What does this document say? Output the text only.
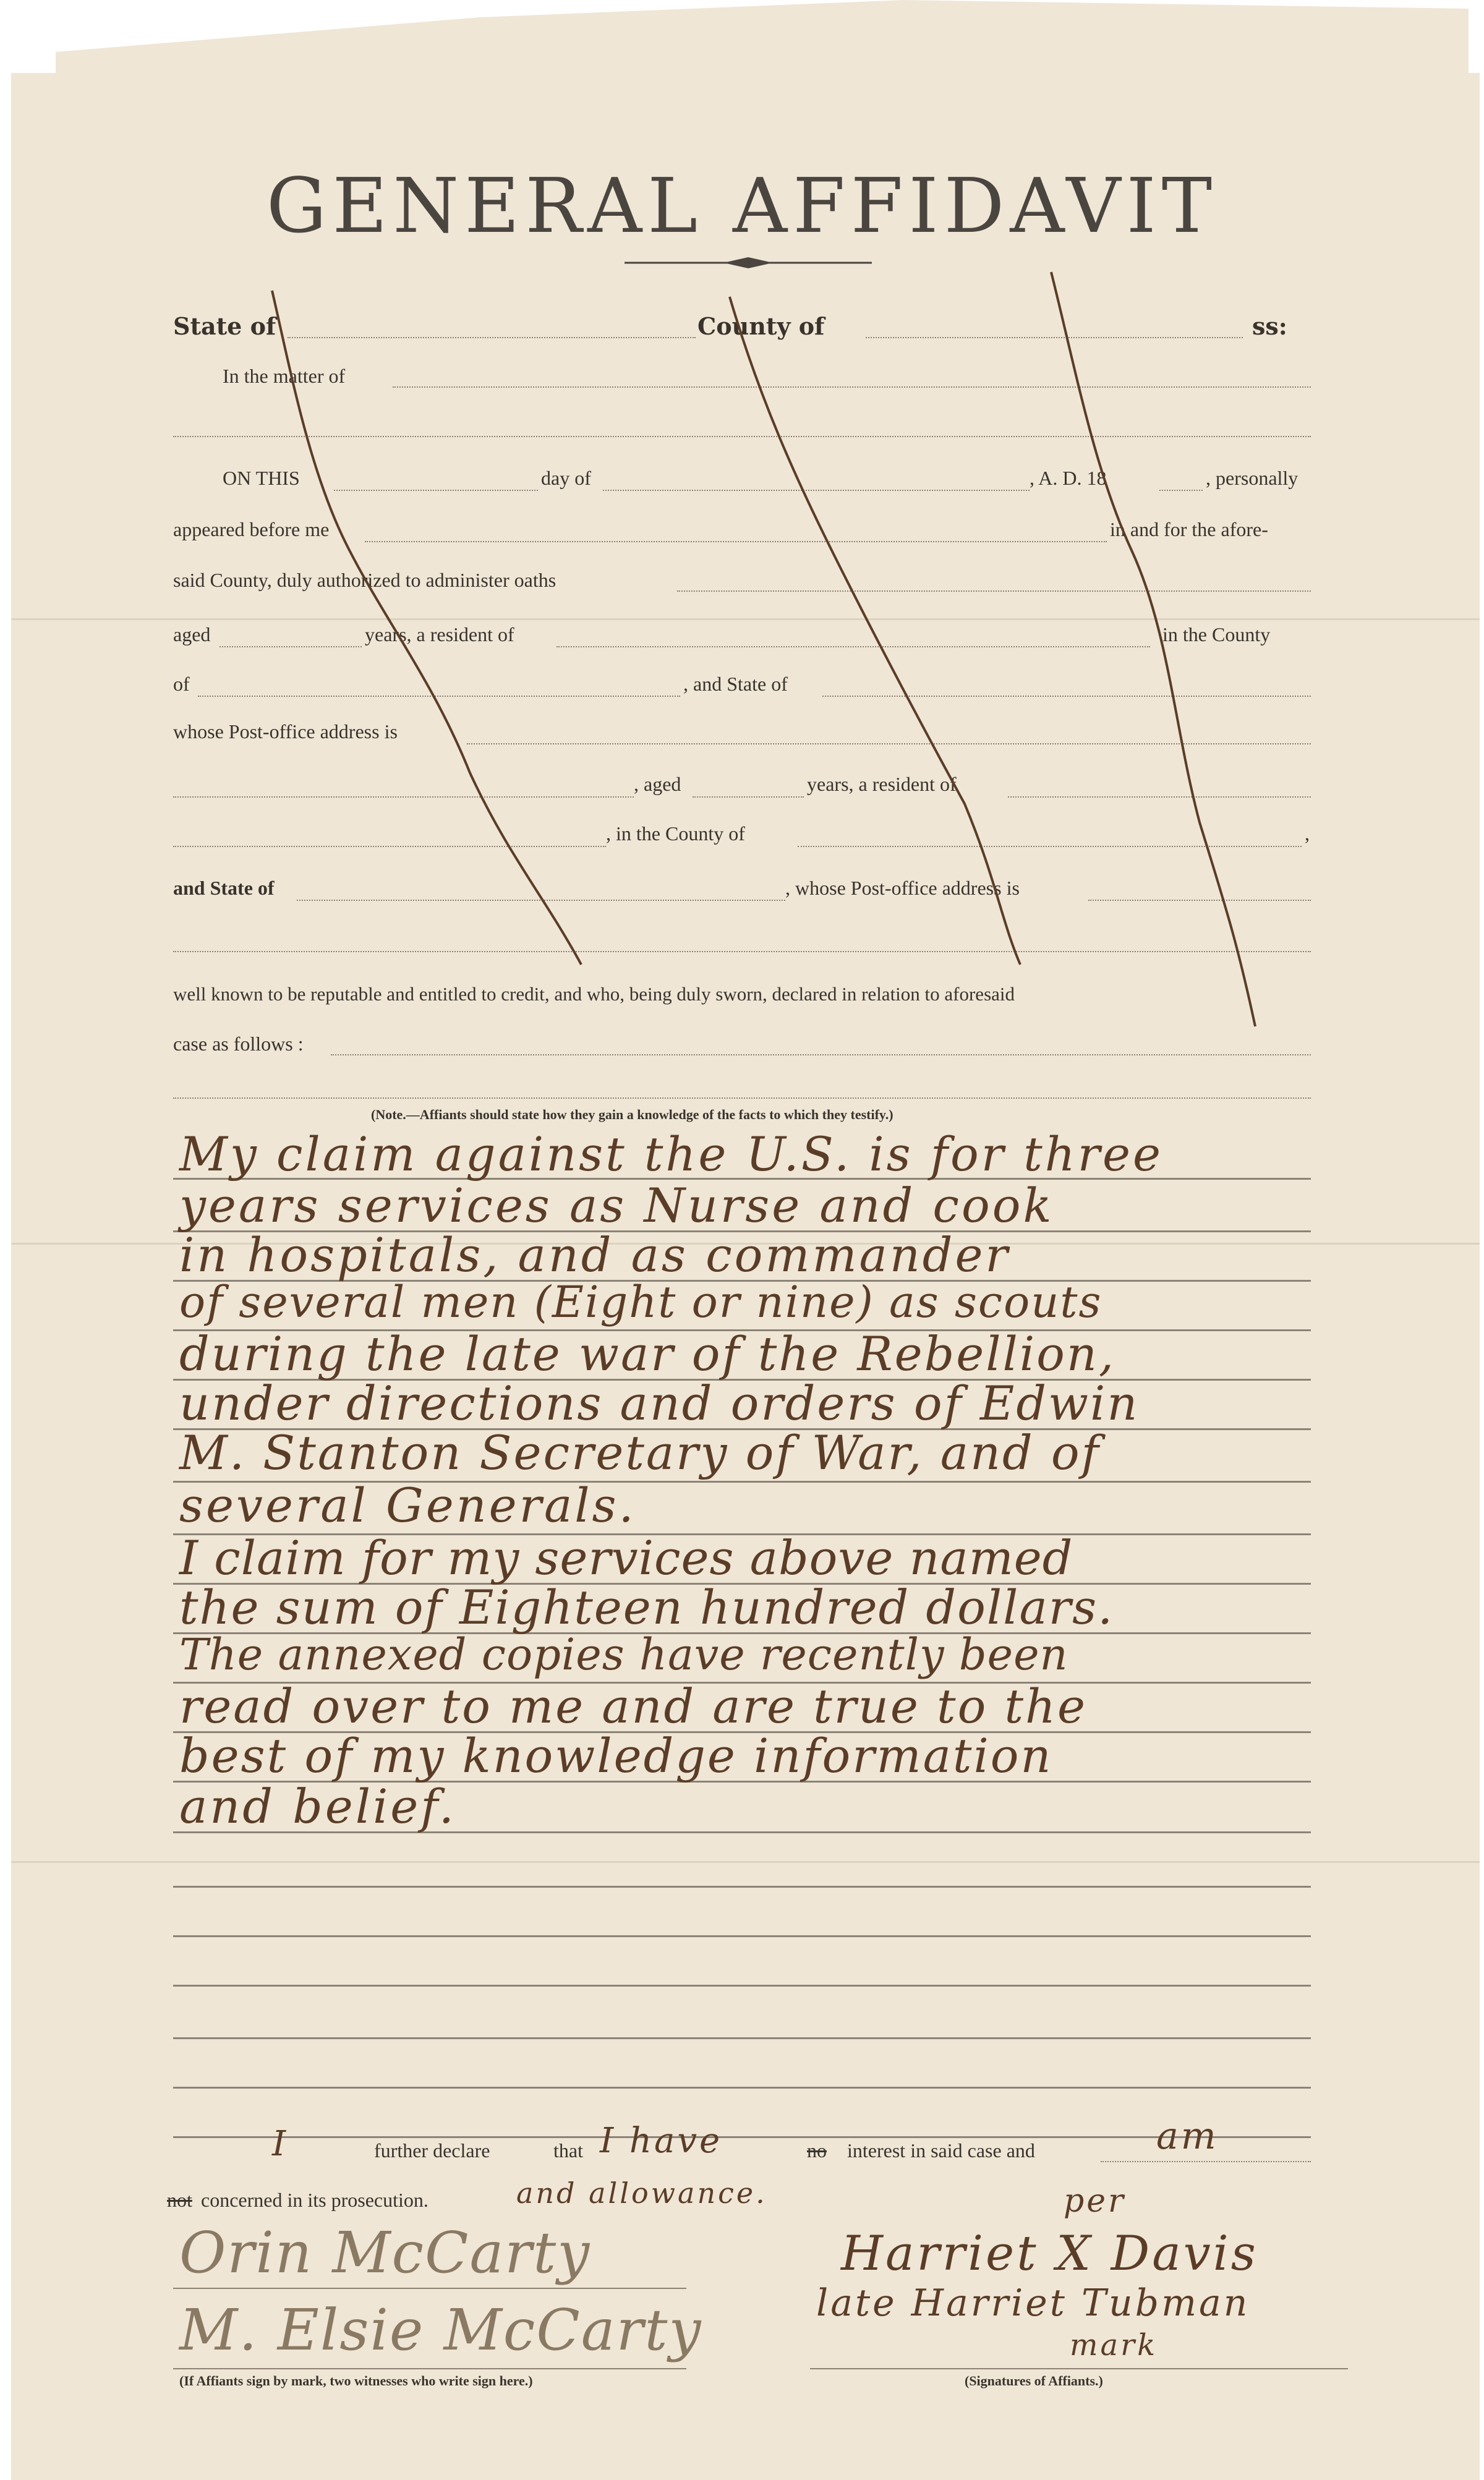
GENERAL AFFIDAVIT
State of	County of	ss:
In the matter of
ON THIS	day of	, A. D. 18	, personally
appeared before me	in and for the afore-
said County, duly authorized to administer oaths
aged	years, a resident of	in the County
of	, and State of
whose Post-office address is
, aged	years, a resident of
, in the County of	,
and State of	, whose Post-office address is
well known to be reputable and entitled to credit, and who, being duly sworn, declared in relation to aforesaid
case as follows :
(Note.—Affiants should state how they gain a knowledge of the facts to which they testify.)
My claim against the U.S. is for three
years services as Nurse and cook
in hospitals, and as commander
of several men (Eight or nine) as scouts
during the late war of the Rebellion,
under directions and orders of Edwin
M. Stanton Secretary of War, and of
several Generals.
I claim for my services above named
the sum of Eighteen hundred dollars.
The annexed copies have recently been
read over to me and are true to the
best of my knowledge information
and belief.
I	further declare	that I have	no interest in said case and	am
not concerned in its prosecution.	and allowance.	per
Harriet X Davis
late Harriet Tubman
mark
(Signatures of Affiants.)
Orin McCarty
M. Elsie McCarty
(If Affiants sign by mark, two witnesses who write sign here.)
